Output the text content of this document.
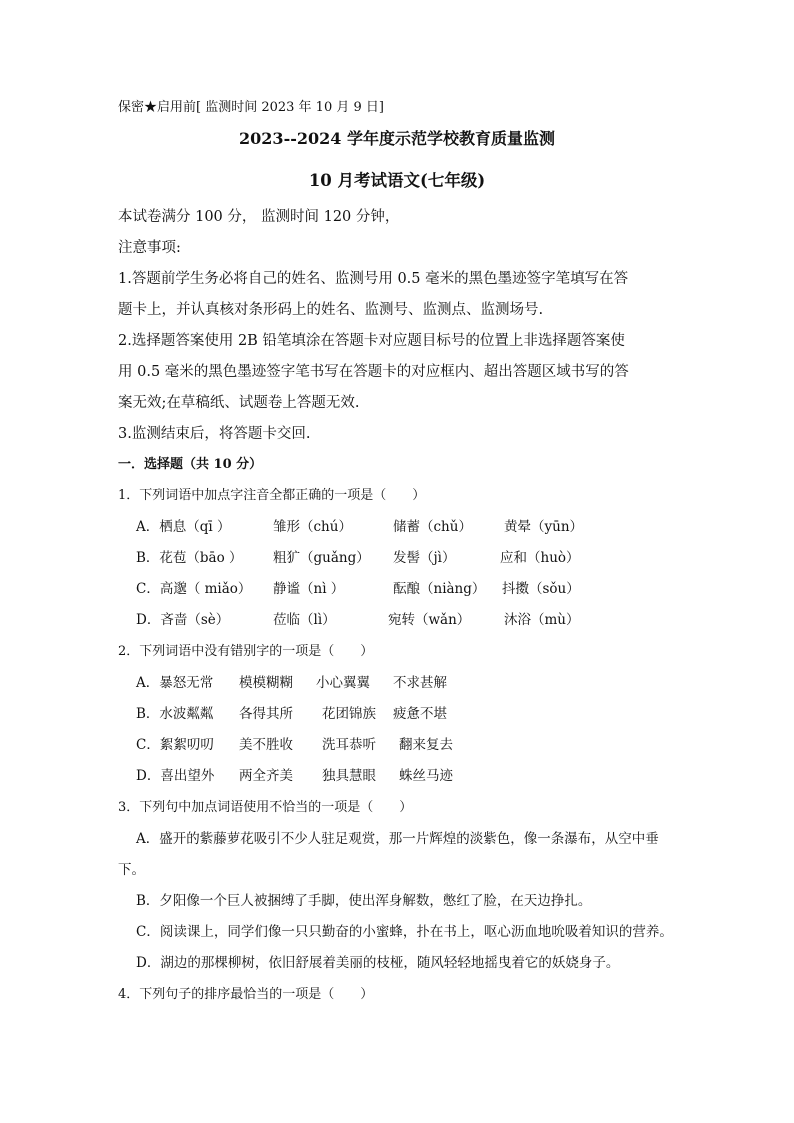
保密★启用前[ 监测时间 2023 年 10 月 9 日]
2023--2024 学年度示范学校教育质量监测
10 月考试语文(七年级)
本试卷满分 100 分， 监测时间 120 分钟，
注意事项:
1.答题前学生务必将自己的姓名、监测号用 0.5 毫米的黑色墨迹签字笔填写在答
题卡上，并认真核对条形码上的姓名、监测号、监测点、监测场号.
2.选择题答案使用 2B 铅笔填涂在答题卡对应题目标号的位置上非选择题答案使
用 0.5 毫米的黑色墨迹签字笔书写在答题卡的对应框内、超出答题区域书写的答
案无效;在草稿纸、试题卷上答题无效.
3.监测结束后，将答题卡交回.
一．选择题（共 10 分）
1．下列词语中加点字注音全都正确的一项是（　　）
A．栖息（qī ）	雏形（chú）	储蓄（chǔ） 黄晕（yūn）
B．花苞（bāo ） 粗犷（guǎng） 发髻（jì）	应和（huò）
C．高邈（ miǎo） 静谧（nì ）	酝酿（niàng） 抖擞（sǒu）
D．吝啬（sè）	莅临（lì）	宛转（wǎn） 沐浴（mù）
2．下列词语中没有错别字的一项是（　　）
A．暴怒无常 模模糊糊 小心翼翼 不求甚解
B．水波粼粼 各得其所 花团锦族 疲惫不堪
C．絮絮叨叨 美不胜收 洗耳恭听 翻来复去
D．喜出望外 两全齐美 独具慧眼 蛛丝马迹
3．下列句中加点词语使用不恰当的一项是（　　）
A．盛开的紫藤萝花吸引不少人驻足观赏，那一片辉煌的淡紫色，像一条瀑布，从空中垂
下。
B．夕阳像一个巨人被捆缚了手脚，使出浑身解数，憋红了脸，在天边挣扎。
C．阅读课上，同学们像一只只勤奋的小蜜蜂，扑在书上，呕心沥血地吮吸着知识的营养。
D．湖边的那棵柳树，依旧舒展着美丽的枝桠，随风轻轻地摇曳着它的妖娆身子。
4．下列句子的排序最恰当的一项是（　　）
